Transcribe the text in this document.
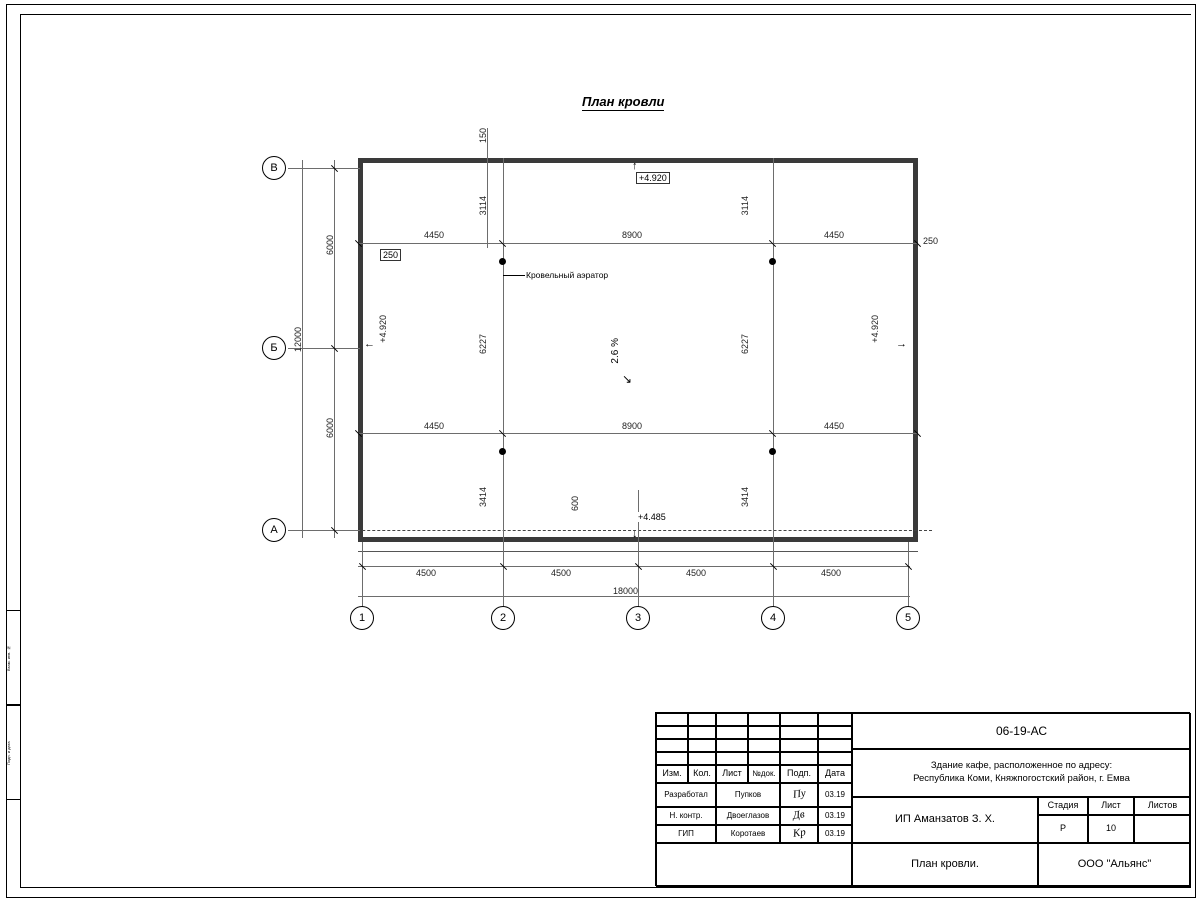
Взам. инв. №
Подп. и дата
План кровли
Кровельный аэратор
2.6 %
↘
+4.920
↑
+4.920
←
+4.920
→
+4.485
↓
150
3114	3114
6227	6227
3414	3414
600
4450	8900	4450
250
250
4450	8900	4450
В
Б
А
6000
6000
12000
1	2	3	4	5
4500	4500	4500	4500
18000
Изм.	Кол.	Лист	№док.	Подп.	Дата
Разработал	Пупков	Пу	03.19
Н. контр.	Двоеглазов	Дв	03.19
ГИП	Коротаев	Кр	03.19
06-19-АС
Здание кафе, расположенное по адресу:
Республика Коми, Княжпогостский район, г. Емва
ИП Аманзатов З. Х.
План кровли.
Стадия	Лист	Листов
Р	10
ООО "Альянс"
